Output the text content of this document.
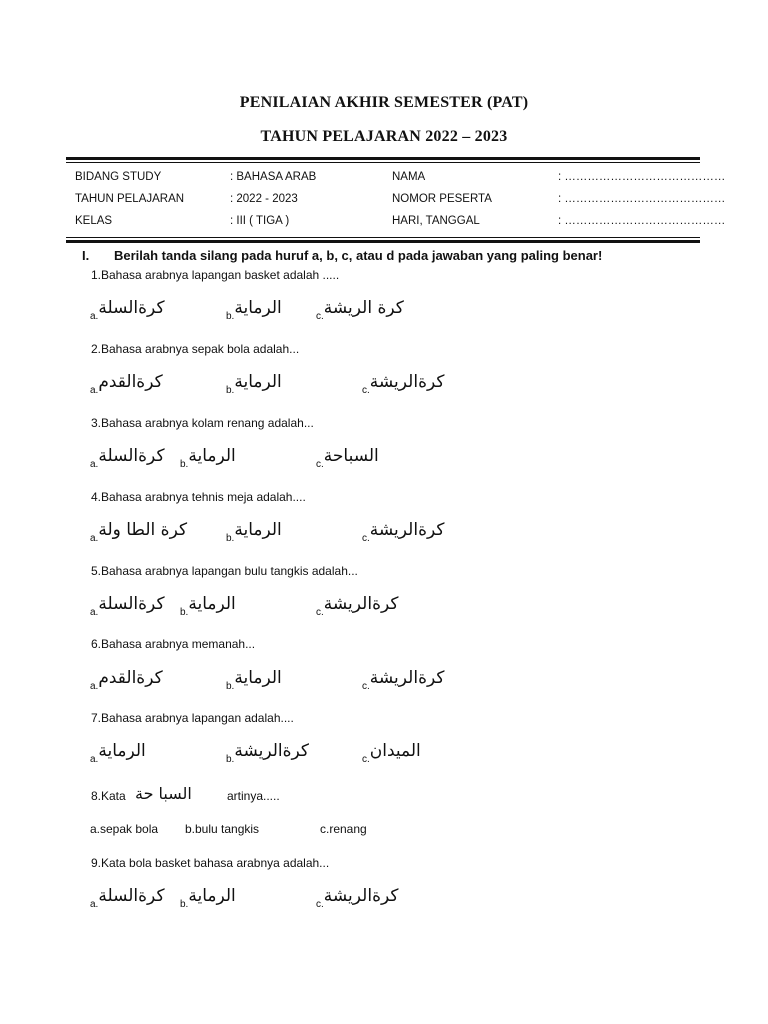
PENILAIAN AKHIR SEMESTER (PAT)
TAHUN PELAJARAN 2022 – 2023
BIDANG STUDY	: BAHASA ARAB	NAMA	: ……………………………………
TAHUN PELAJARAN	: 2022 - 2023	NOMOR PESERTA	: ……………………………………
KELAS	: III ( TIGA )	HARI, TANGGAL	: ……………………………………
I. Berilah tanda silang pada huruf a, b, c, atau d pada jawaban yang paling benar!
1.Bahasa arabnya lapangan basket adalah .....
$_{a.}$كرةالسلة	$_{b.}$الرماية	$_{c.}$كرة الريشة
2.Bahasa arabnya sepak bola adalah...
$_{a.}$كرةالقدم	$_{b.}$الرماية	$_{c.}$كرةالريشة
3.Bahasa arabnya kolam renang adalah...
$_{a.}$كرةالسلة $_{b.}$الرماية	$_{c.}$السباحة
4.Bahasa arabnya tehnis meja adalah....
$_{a.}$كرة الطا ولة	$_{b.}$الرماية	$_{c.}$كرةالريشة
5.Bahasa arabnya lapangan bulu tangkis adalah...
$_{a.}$كرةالسلة $_{b.}$الرماية	$_{c.}$كرةالريشة
6.Bahasa arabnya memanah...
$_{a.}$كرةالقدم	$_{b.}$الرماية	$_{c.}$كرةالريشة
7.Bahasa arabnya lapangan adalah....
$_{a.}$الرماية	$_{b.}$كرةالريشة	$_{c.}$الميدان
8.Kata السبا حة	artinya.....
a.sepak bola b.bulu tangkis	c.renang
9.Kata bola basket bahasa arabnya adalah...
$_{a.}$كرةالسلة $_{b.}$الرماية	$_{c.}$كرةالريشة
